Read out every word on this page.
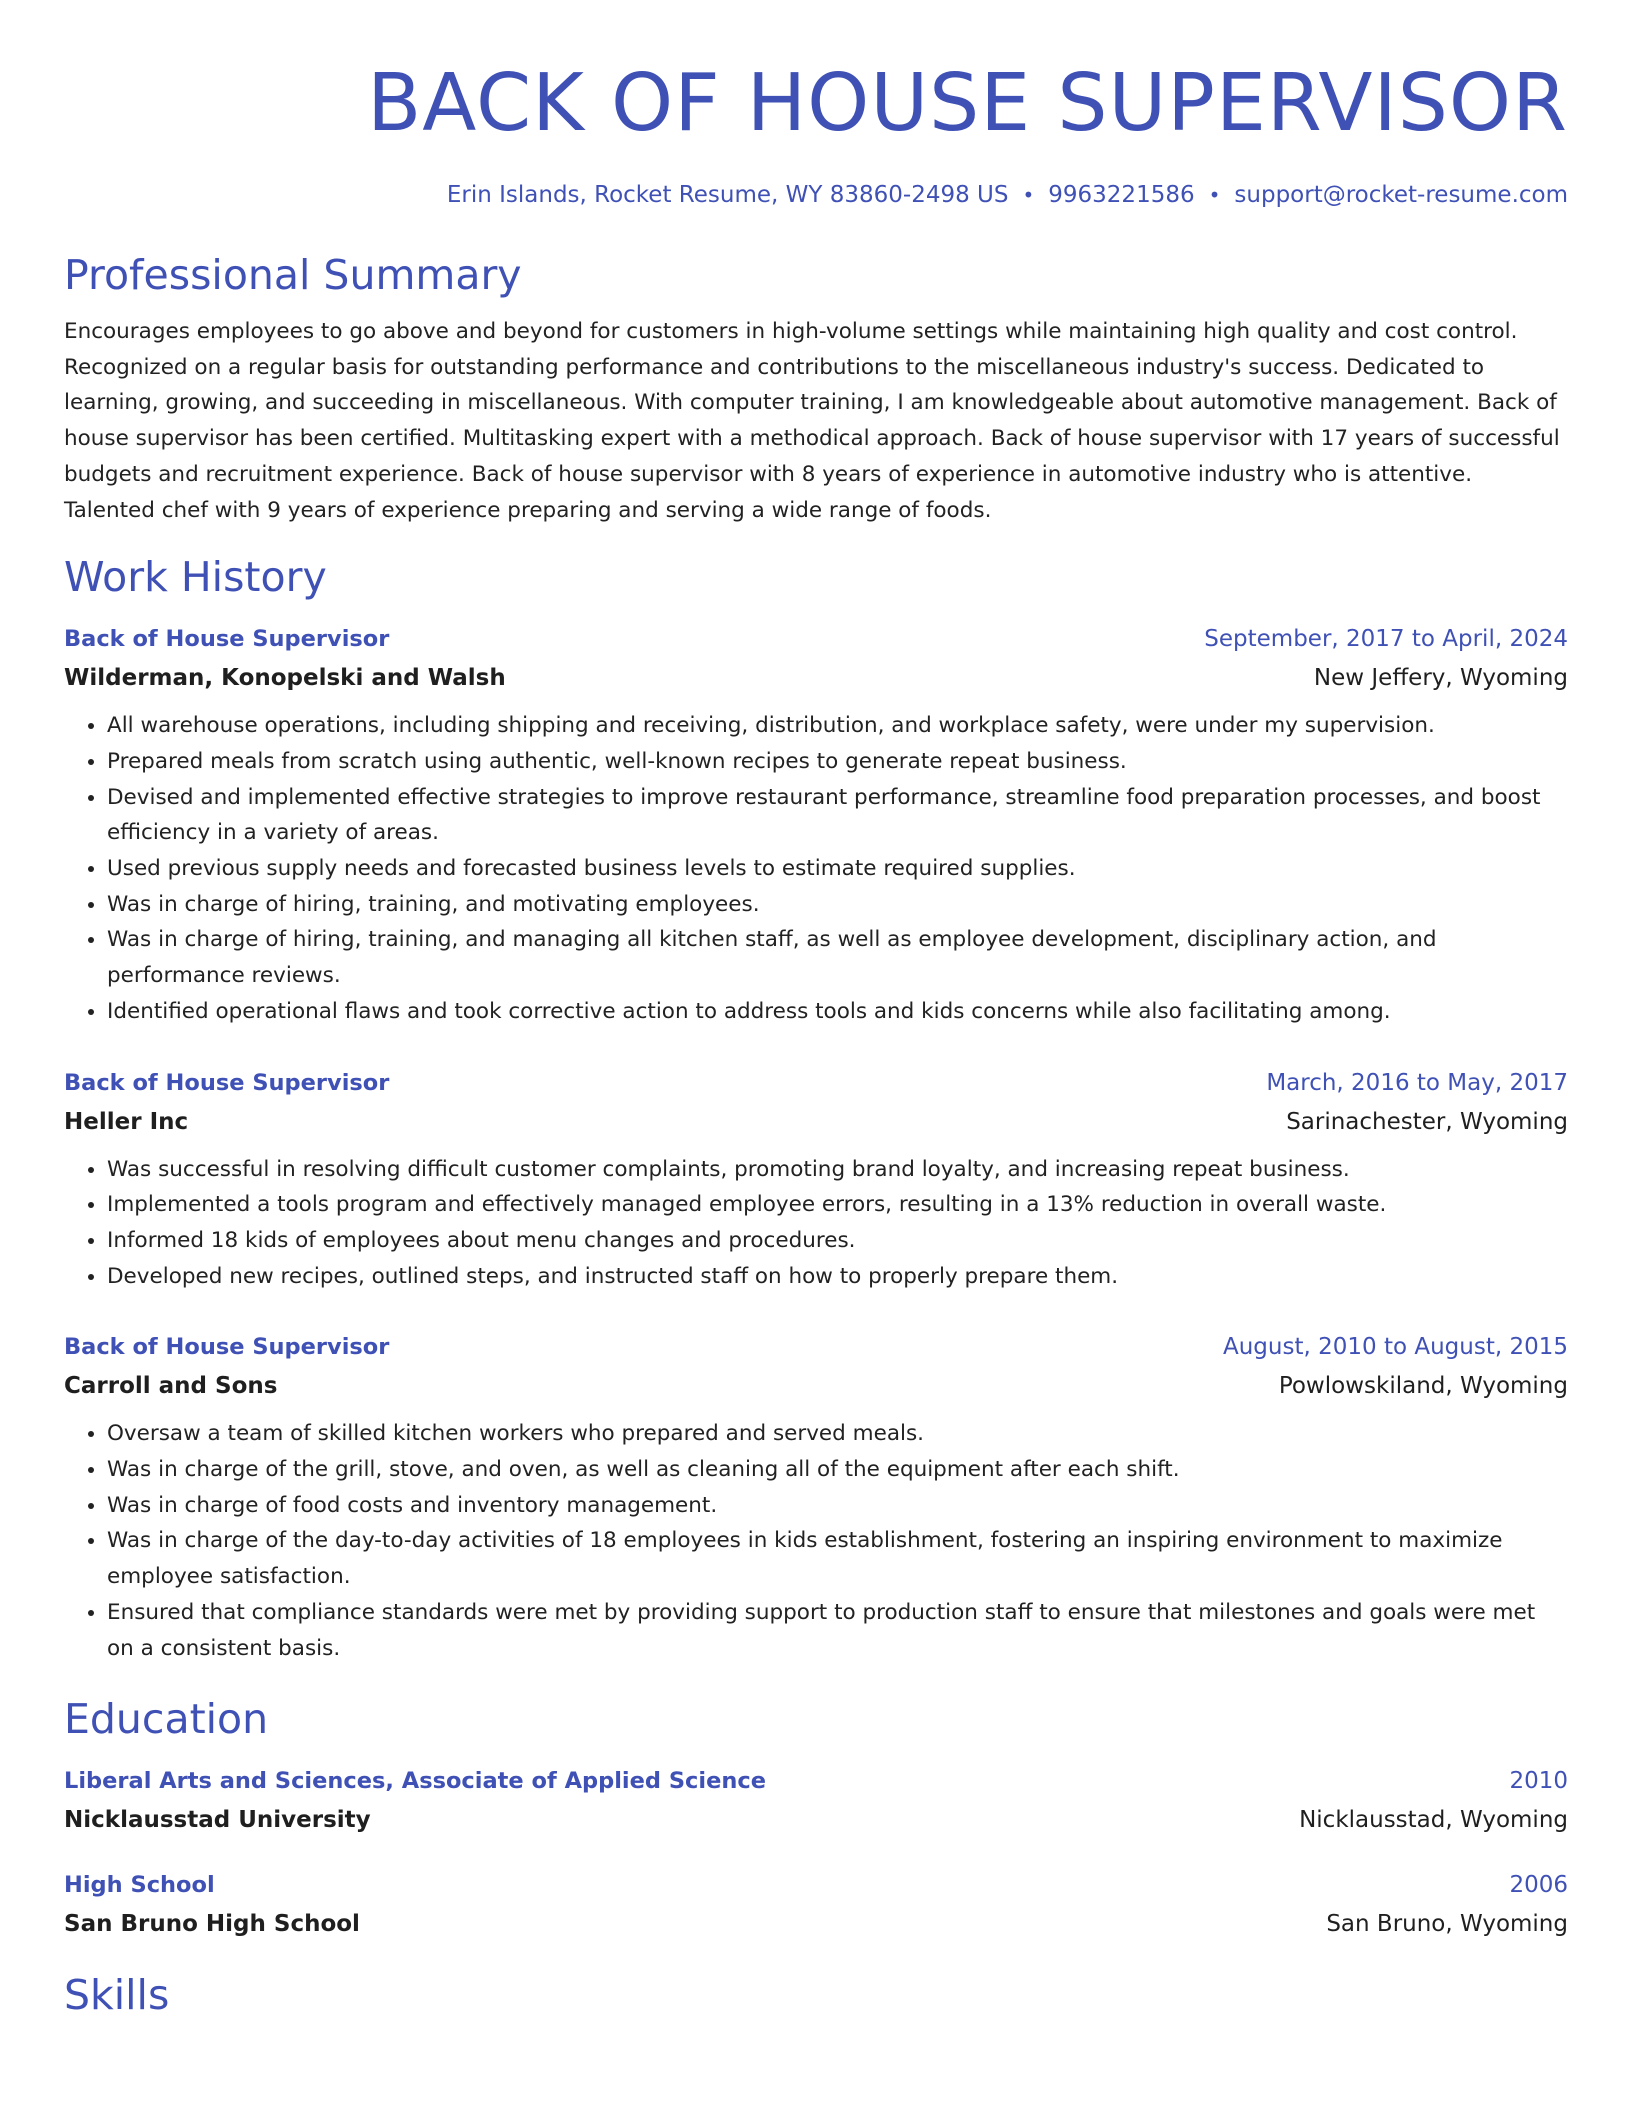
BACK OF HOUSE SUPERVISOR
Erin Islands, Rocket Resume, WY 83860-2498 US • 9963221586 • support@rocket-resume.com
Professional Summary
Encourages employees to go above and beyond for customers in high-volume settings while maintaining high quality and cost control. Recognized on a regular basis for outstanding performance and contributions to the miscellaneous industry's success. Dedicated to learning, growing, and succeeding in miscellaneous. With computer training, I am knowledgeable about automotive management. Back of house supervisor has been certified. Multitasking expert with a methodical approach. Back of house supervisor with 17 years of successful budgets and recruitment experience. Back of house supervisor with 8 years of experience in automotive industry who is attentive. Talented chef with 9 years of experience preparing and serving a wide range of foods.
Work History
Back of House Supervisor	September, 2017 to April, 2024
Wilderman, Konopelski and Walsh	New Jeffery, Wyoming
• All warehouse operations, including shipping and receiving, distribution, and workplace safety, were under my supervision.
• Prepared meals from scratch using authentic, well-known recipes to generate repeat business.
• Devised and implemented effective strategies to improve restaurant performance, streamline food preparation processes, and boost efficiency in a variety of areas.
• Used previous supply needs and forecasted business levels to estimate required supplies.
• Was in charge of hiring, training, and motivating employees.
• Was in charge of hiring, training, and managing all kitchen staff, as well as employee development, disciplinary action, and performance reviews.
• Identified operational flaws and took corrective action to address tools and kids concerns while also facilitating among.
Back of House Supervisor	March, 2016 to May, 2017
Heller Inc	Sarinachester, Wyoming
• Was successful in resolving difficult customer complaints, promoting brand loyalty, and increasing repeat business.
• Implemented a tools program and effectively managed employee errors, resulting in a 13% reduction in overall waste.
• Informed 18 kids of employees about menu changes and procedures.
• Developed new recipes, outlined steps, and instructed staff on how to properly prepare them.
Back of House Supervisor	August, 2010 to August, 2015
Carroll and Sons	Powlowskiland, Wyoming
• Oversaw a team of skilled kitchen workers who prepared and served meals.
• Was in charge of the grill, stove, and oven, as well as cleaning all of the equipment after each shift.
• Was in charge of food costs and inventory management.
• Was in charge of the day-to-day activities of 18 employees in kids establishment, fostering an inspiring environment to maximize employee satisfaction.
• Ensured that compliance standards were met by providing support to production staff to ensure that milestones and goals were met on a consistent basis.
Education
Liberal Arts and Sciences, Associate of Applied Science	2010
Nicklausstad University	Nicklausstad, Wyoming
High School	2006
San Bruno High School	San Bruno, Wyoming
Skills
